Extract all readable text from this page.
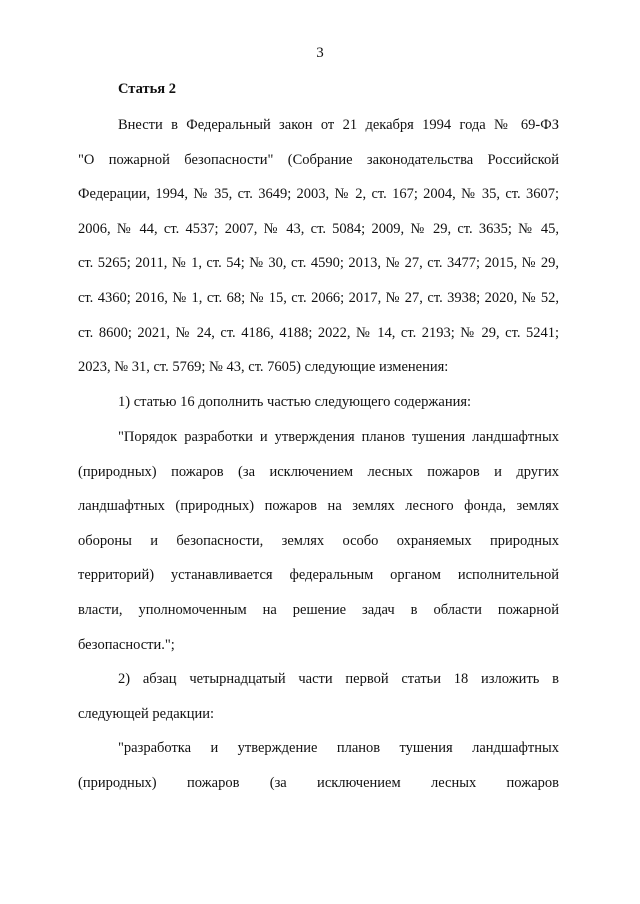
3
Статья 2
Внести в Федеральный закон от 21 декабря 1994 года № 69-ФЗ
"О пожарной безопасности" (Собрание законодательства Российской
Федерации, 1994, № 35, ст. 3649; 2003, № 2, ст. 167; 2004, № 35, ст. 3607;
2006, № 44, ст. 4537; 2007, № 43, ст. 5084; 2009, № 29, ст. 3635; № 45,
ст. 5265; 2011, № 1, ст. 54; № 30, ст. 4590; 2013, № 27, ст. 3477; 2015, № 29,
ст. 4360; 2016, № 1, ст. 68; № 15, ст. 2066; 2017, № 27, ст. 3938; 2020, № 52,
ст. 8600; 2021, № 24, ст. 4186, 4188; 2022, № 14, ст. 2193; № 29, ст. 5241;
2023, № 31, ст. 5769; № 43, ст. 7605) следующие изменения:
1) статью 16 дополнить частью следующего содержания:
"Порядок разработки и утверждения планов тушения ландшафтных
(природных) пожаров (за исключением лесных пожаров и других
ландшафтных (природных) пожаров на землях лесного фонда, землях
обороны и безопасности, землях особо охраняемых природных
территорий) устанавливается федеральным органом исполнительной
власти, уполномоченным на решение задач в области пожарной
безопасности.";
2) абзац четырнадцатый части первой статьи 18 изложить в
следующей редакции:
"разработка и утверждение планов тушения ландшафтных
(природных) пожаров (за исключением лесных пожаров
